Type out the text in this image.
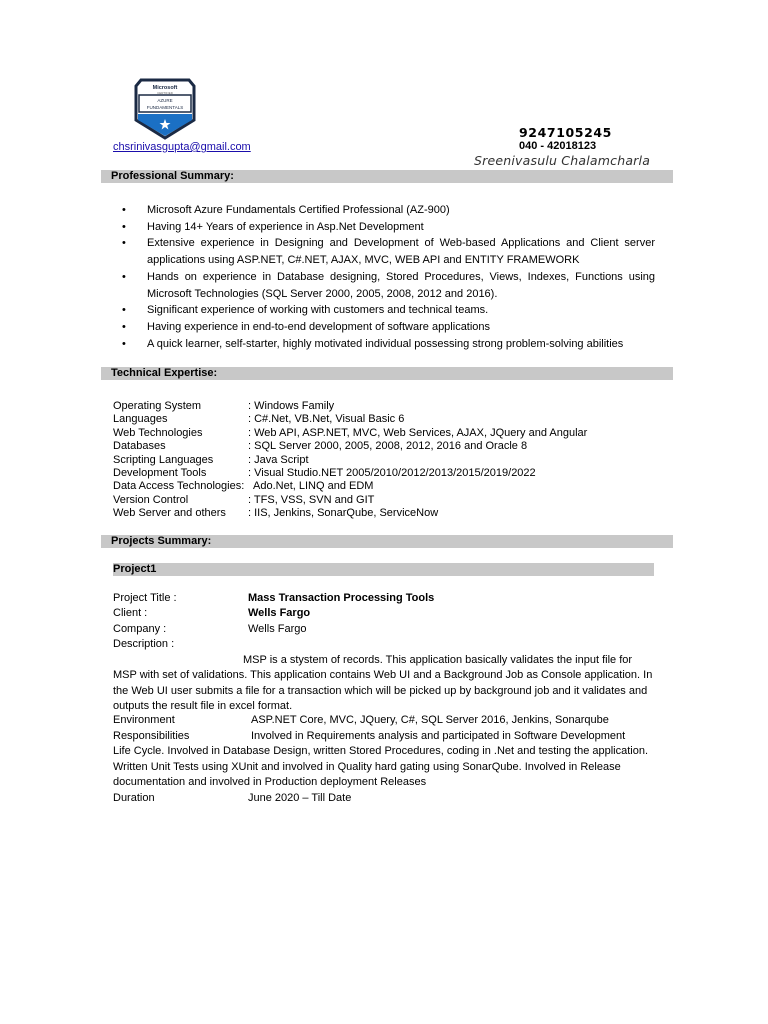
Microsoft
CERTIFIED
AZURE
FUNDAMENTALS
chsrinivasgupta@gmail.com
9247105245
040 - 42018123
Sreenivasulu Chalamcharla
Professional Summary:
• Microsoft Azure Fundamentals Certified Professional (AZ-900)
• Having 14+ Years of experience in Asp.Net Development
• Extensive experience in Designing and Development of Web-based Applications and Client server applications using ASP.NET, C#.NET, AJAX, MVC, WEB API and ENTITY FRAMEWORK
• Hands on experience in Database designing, Stored Procedures, Views, Indexes, Functions using Microsoft Technologies (SQL Server 2000, 2005, 2008, 2012 and 2016).
• Significant experience of working with customers and technical teams.
• Having experience in end-to-end development of software applications
• A quick learner, self-starter, highly motivated individual possessing strong problem-solving abilities
Technical Expertise:
Operating System	: Windows Family
Languages	: C#.Net, VB.Net, Visual Basic 6
Web Technologies	: Web API, ASP.NET, MVC, Web Services, AJAX, JQuery and Angular
Databases	: SQL Server 2000, 2005, 2008, 2012, 2016 and Oracle 8
Scripting Languages	: Java Script
Development Tools	: Visual Studio.NET 2005/2010/2012/2013/2015/2019/2022
Data Access Technologies: Ado.Net, LINQ and EDM
Version Control	: TFS, VSS, SVN and GIT
Web Server and others : IIS, Jenkins, SonarQube, ServiceNow
Projects Summary:
Project1
Project Title :	Mass Transaction Processing Tools
Client :	Wells Fargo
Company :	Wells Fargo
Description :
MSP is a stystem of records. This application basically validates the input file for
MSP with set of validations. This application contains Web UI and a Background Job as Console application. In the Web UI user submits a file for a transaction which will be picked up by background job and it validates and outputs the result file in excel format.
Environment	ASP.NET Core, MVC, JQuery, C#, SQL Server 2016, Jenkins, Sonarqube
Responsibilities	Involved in Requirements analysis and participated in Software Development
Life Cycle. Involved in Database Design, written Stored Procedures, coding in .Net and testing the application. Written Unit Tests using XUnit and involved in Quality hard gating using SonarQube. Involved in Release documentation and involved in Production deployment Releases
Duration	June 2020 – Till Date
